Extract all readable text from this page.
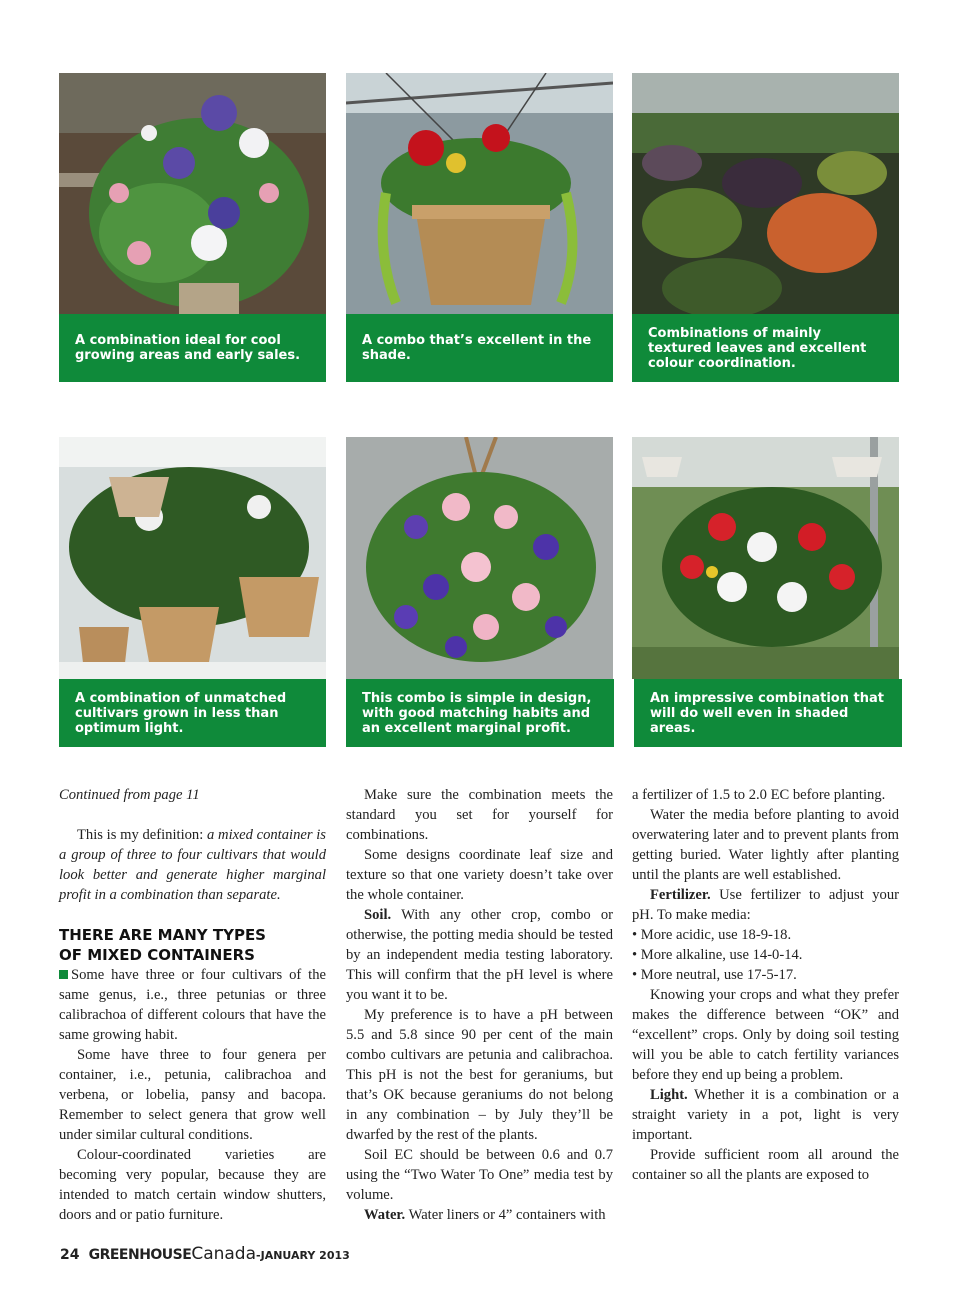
A combination ideal for cool growing areas and early sales.
A combo that’s excellent in the shade.
Combinations of mainly textured leaves and excellent colour coordination.
A combination of unmatched cultivars grown in less than optimum light.
This combo is simple in design, with good matching habits and an excellent marginal profit.
An impressive combination that will do well even in shaded areas.

Continued from page 11

This is my definition: a mixed container is a group of three to four cultivars that would look better and generate higher marginal profit in a combination than separate.

THERE ARE MANY TYPES OF MIXED CONTAINERS

Some have three or four cultivars of the same genus, i.e., three petunias or three calibrachoa of different colours that have the same growing habit.

Some have three to four genera per container, i.e., petunia, calibrachoa and verbena, or lobelia, pansy and bacopa. Remember to select genera that grow well under similar cultural conditions.

Colour-coordinated varieties are becoming very popular, because they are intended to match certain window shutters, doors and or patio furniture.

Make sure the combination meets the standard you set for yourself for combinations.

Some designs coordinate leaf size and texture so that one variety doesn’t take over the whole container.

Soil. With any other crop, combo or otherwise, the potting media should be tested by an independent media testing laboratory. This will confirm that the pH level is where you want it to be.

My preference is to have a pH between 5.5 and 5.8 since 90 per cent of the main combo cultivars are petunia and calibrachoa. This pH is not the best for geraniums, but that’s OK because geraniums do not belong in any combination – by July they’ll be dwarfed by the rest of the plants.

Soil EC should be between 0.6 and 0.7 using the “Two Water To One” media test by volume.

Water. Water liners or 4” containers with

a fertilizer of 1.5 to 2.0 EC before planting.

Water the media before planting to avoid overwatering later and to prevent plants from getting buried. Water lightly after planting until the plants are well established.

Fertilizer. Use fertilizer to adjust your pH. To make media:

• More acidic, use 18-9-18.

• More alkaline, use 14-0-14.

• More neutral, use 17-5-17.

Knowing your crops and what they prefer makes the difference between “OK” and “excellent” crops. Only by doing soil testing will you be able to catch fertility variances before they end up being a problem.

Light. Whether it is a combination or a straight variety in a pot, light is very important.

Provide sufficient room all around the container so all the plants are exposed to

24 GREENHOUSECanada-JANUARY 2013
